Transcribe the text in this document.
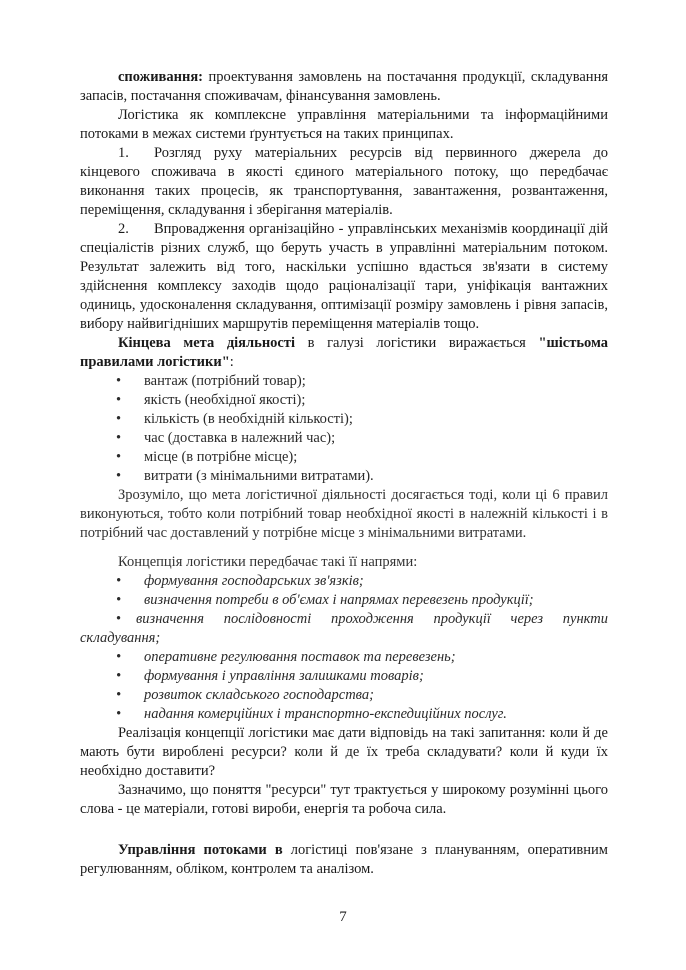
споживання: проектування замовлень на постачання продукції, складування запасів, постачання споживачам, фінансування замовлень.

Логістика як комплексне управління матеріальними та інформаційними потоками в межах системи ґрунтується на таких принципах.

1. Розгляд руху матеріальних ресурсів від первинного джерела до кінцевого споживача в якості єдиного матеріального потоку, що передбачає виконання таких процесів, як транспортування, завантаження, розвантаження, переміщення, складування і зберігання матеріалів.

2. Впровадження організаційно - управлінських механізмів координації дій спеціалістів різних служб, що беруть участь в управлінні матеріальним потоком. Результат залежить від того, наскільки успішно вдасться зв'язати в систему здійснення комплексу заходів щодо раціоналізації тари, уніфікація вантажних одиниць, удосконалення складування, оптимізації розміру замовлень і рівня запасів, вибору найвигідніших маршрутів переміщення матеріалів тощо.

Кінцева мета діяльності в галузі логістики виражається "шістьома правилами логістики":

• вантаж (потрібний товар);
• якість (необхідної якості);
• кількість (в необхідній кількості);
• час (доставка в належний час);
• місце (в потрібне місце);
• витрати (з мінімальними витратами).

Зрозуміло, що мета логістичної діяльності досягається тоді, коли ці 6 правил виконуються, тобто коли потрібний товар необхідної якості в належній кількості і в потрібний час доставлений у потрібне місце з мінімальними витратами.

Концепція логістики передбачає такі її напрями:

• формування господарських зв'язків;
• визначення потреби в об'ємах і напрямах перевезень продукції;

• визначення послідовності проходження продукції через пункти складування;

• оперативне регулювання поставок та перевезень;
• формування і управління залишками товарів;
• розвиток складського господарства;
• надання комерційних і транспортно-експедиційних послуг.

Реалізація концепції логістики має дати відповідь на такі запитання: коли й де мають бути вироблені ресурси? коли й де їх треба складувати? коли й куди їх необхідно доставити?

Зазначимо, що поняття "ресурси" тут трактується у широкому розумінні цього слова - це матеріали, готові вироби, енергія та робоча сила.

Управління потоками в логістиці пов'язане з плануванням, оперативним регулюванням, обліком, контролем та аналізом.

7
